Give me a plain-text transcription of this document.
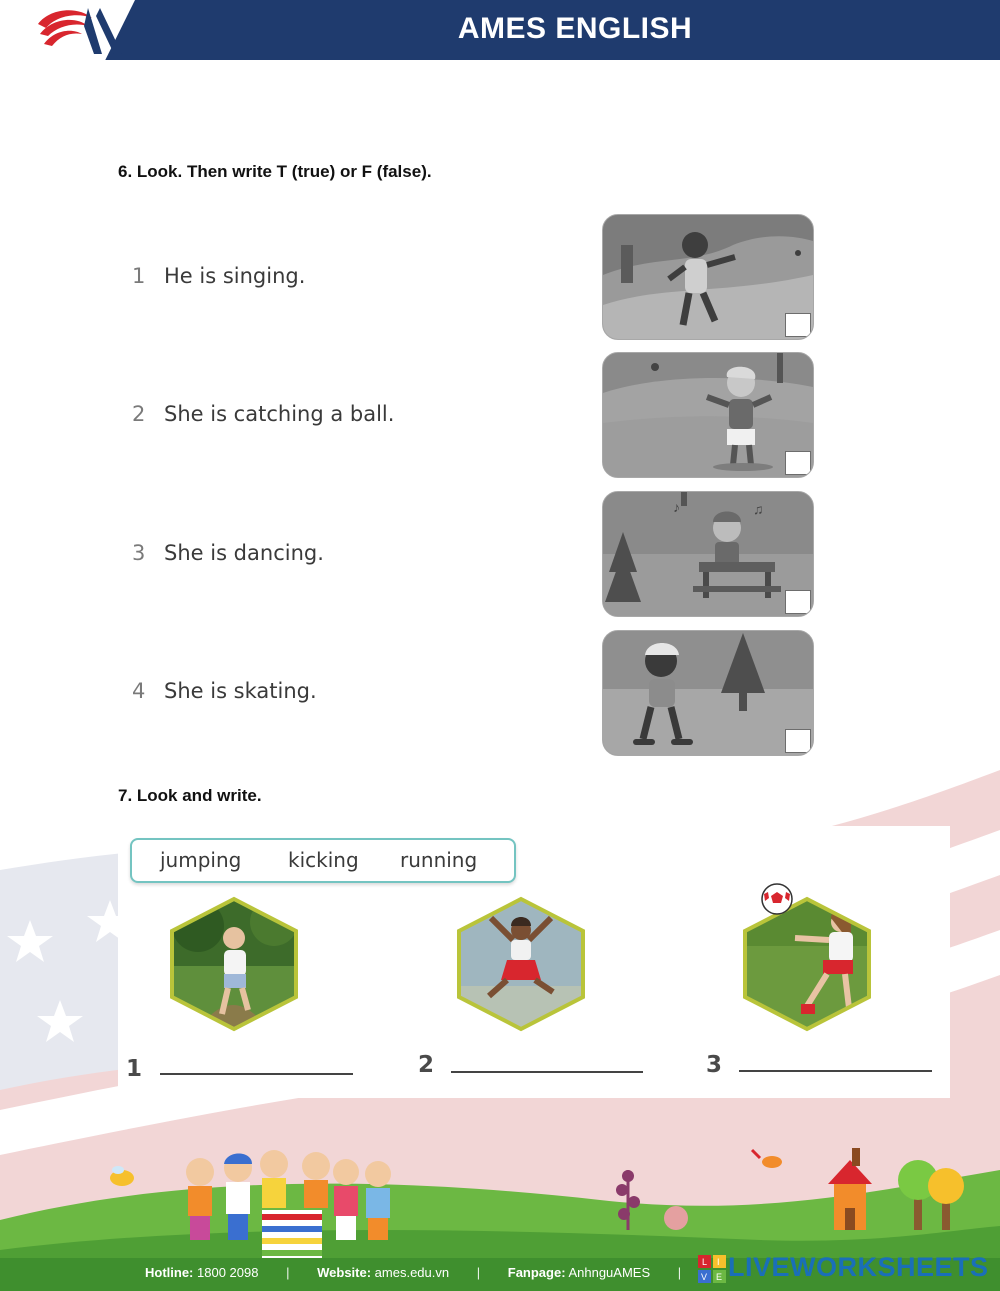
AMES ENGLISH
6. Look. Then write T (true) or F (false).
1 He is singing.
2 She is catching a ball.
3 She is dancing.
4 She is skating.
♪	♫
7. Look and write.
jumping kicking running
1	2	3
Hotline: 1800 2098 | Website: ames.edu.vn | Fanpage: AnhnguAMES |
L I
V E LIVEWORKSHEETS
